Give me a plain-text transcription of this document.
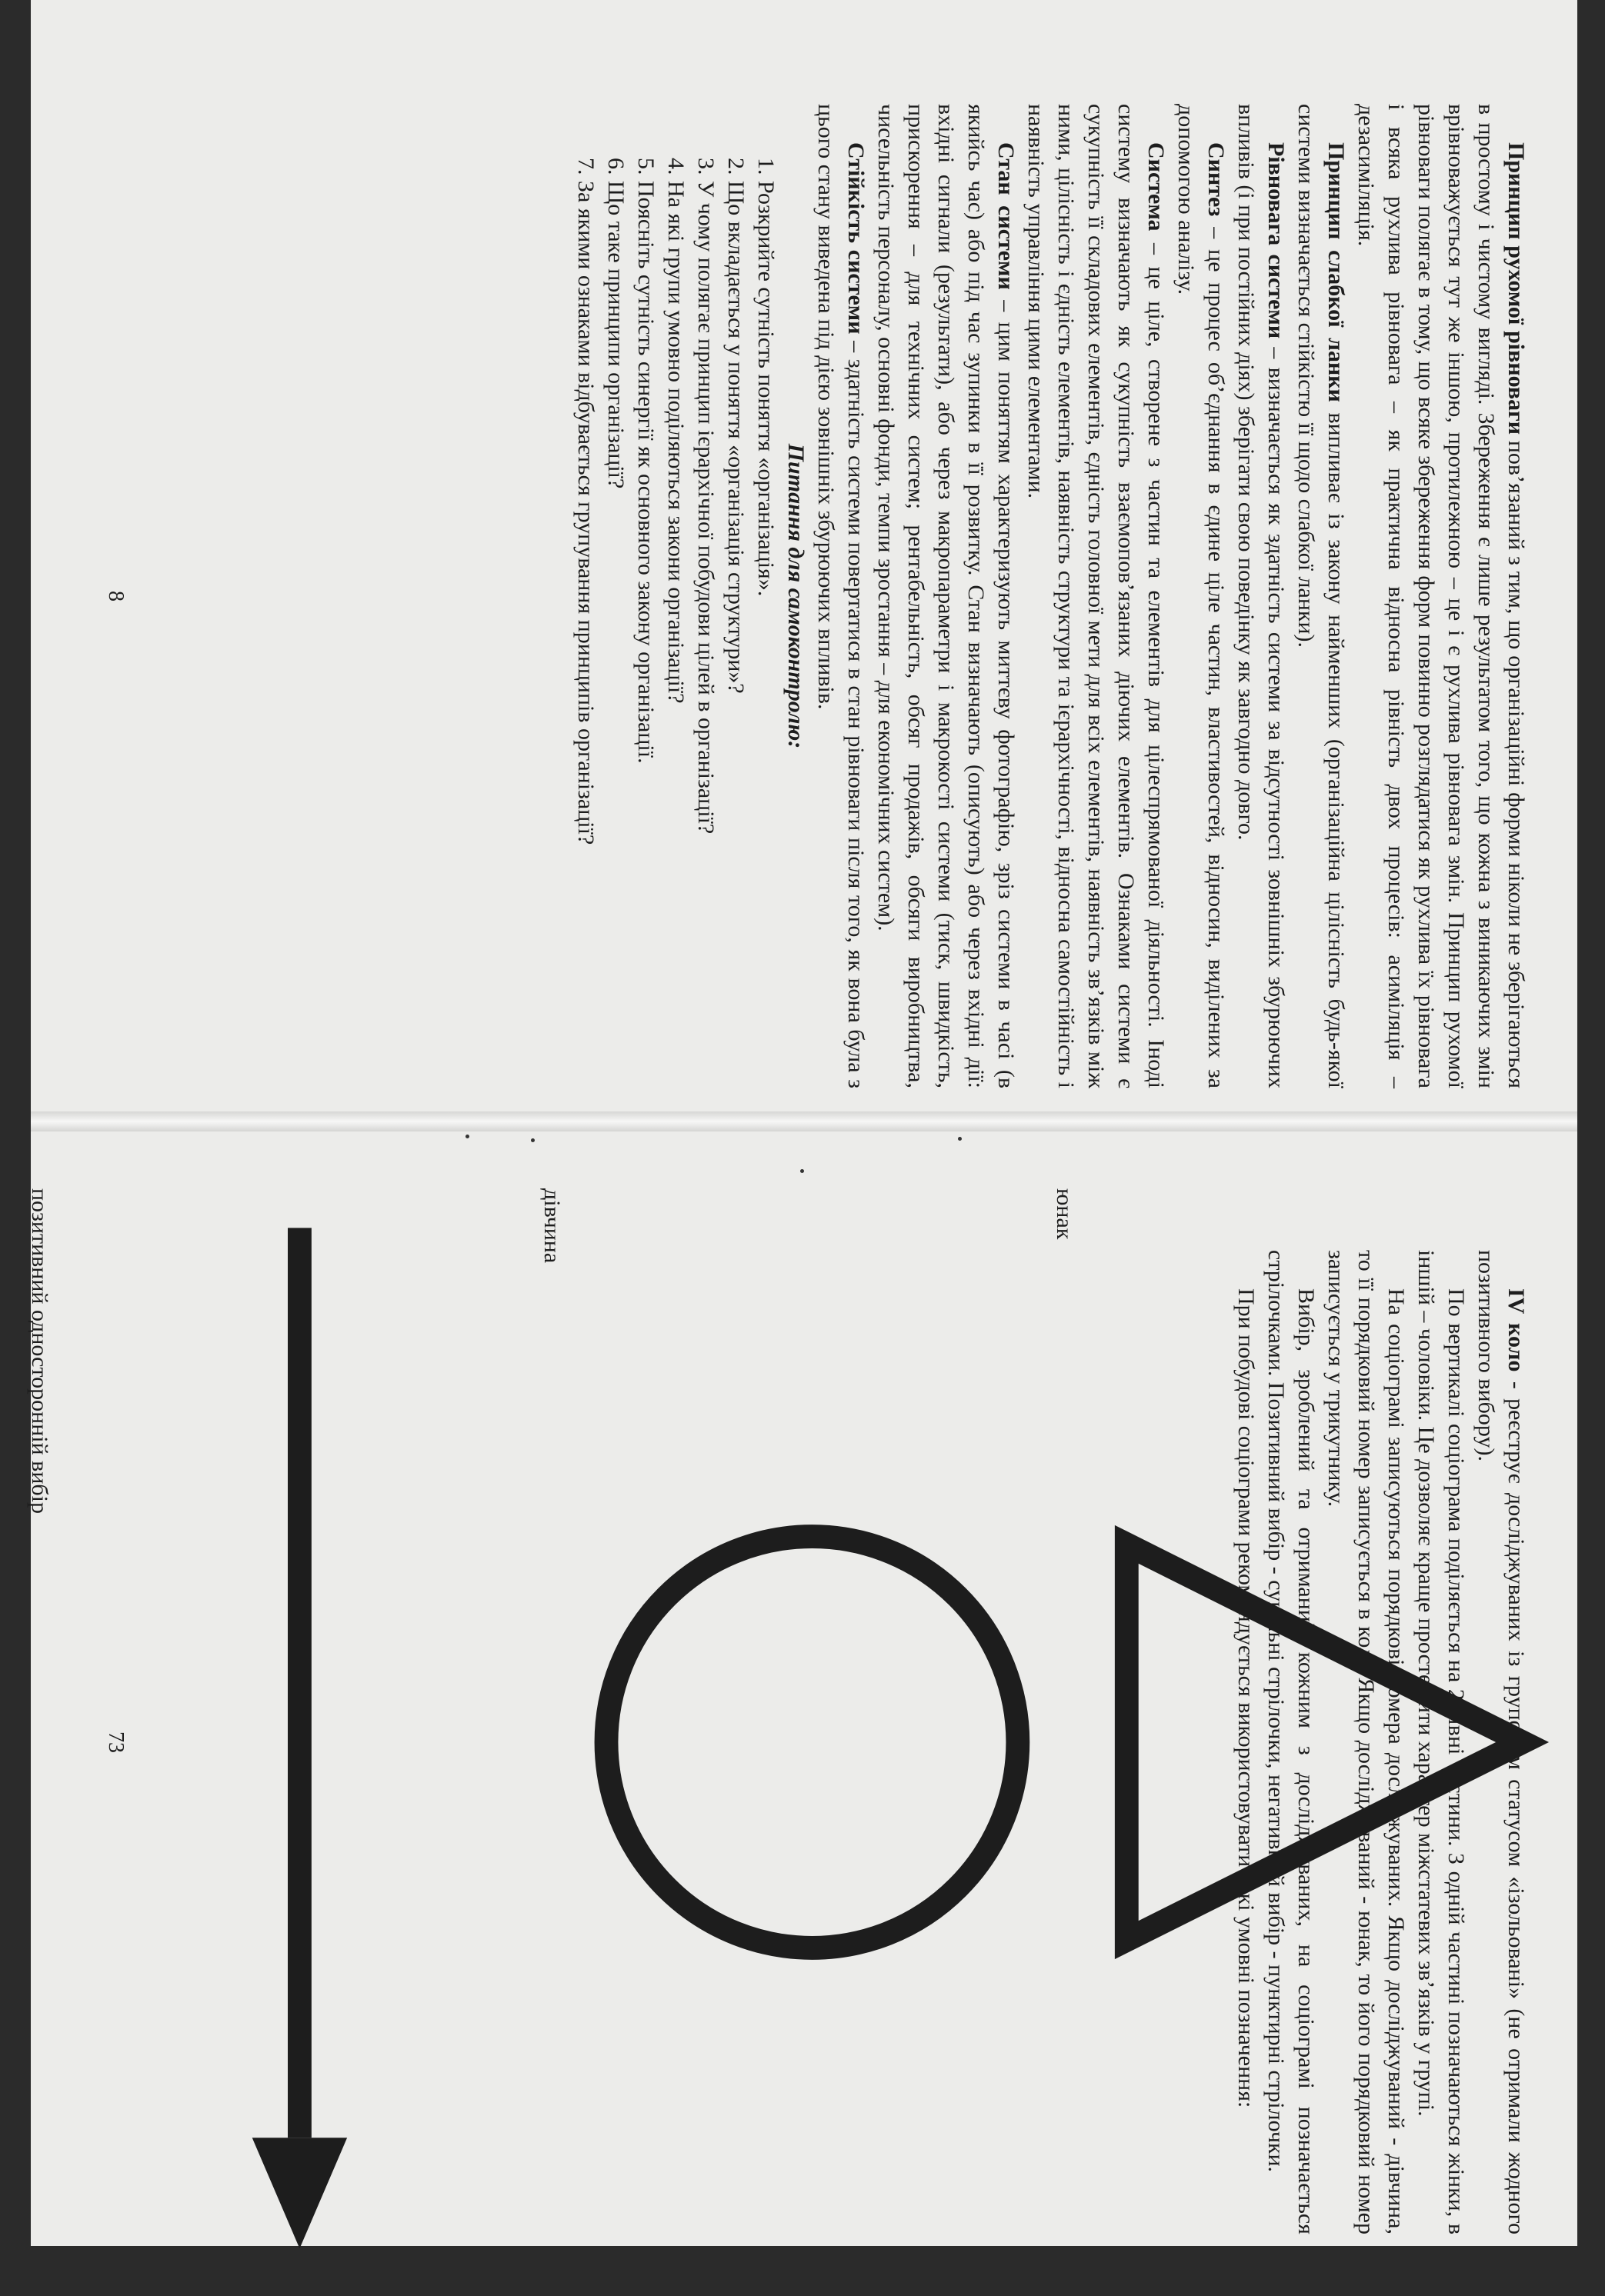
Принцип рухомої рівноваги пов’язаний з тим, що організаційні форми ніколи не зберігаються в простому і чистому вигляді. Збереження є лише результатом того, що кожна з виникаючих змін врівноважується тут же іншою, протилежною – це і є рухлива рівновага змін. Принцип рухомої рівноваги полягає в тому, що всяке збереження форм повинно розглядатися як рухлива їх рівновага і всяка рухлива рівновага – як практична відносна рівність двох процесів: асиміляція – дезасиміляція.

Принцип слабкої ланки випливає із закону найменших (організаційна цілісність будь-якої системи визначається стійкістю її щодо слабкої ланки).

Рівновага системи – визначається як здатність системи за відсутності зовнішніх збурюючих впливів (і при постійних діях) зберігати свою поведінку як завгодно довго.

Синтез – це процес об’єднання в єдине ціле частин, властивостей, відносин, виділених за допомогою аналізу.

Система – це ціле, створене з частин та елементів для цілеспрямованої діяльності. Іноді систему визначають як сукупність взаємопов’язаних діючих елементів. Ознаками системи є сукупність її складових елементів, єдність головної мети для всіх елементів, наявність зв’язків між ними, цілісність і єдність елементів, наявність структури та ієрархічності, відносна самостійність і наявність управління цими елементами.

Стан системи – цим поняттям характеризують миттєву фотографію, зріз системи в часі (в якийсь час) або під час зупинки в її розвитку. Стан визначають (описують) або через вхідні дії: вхідні сигнали (результати), або через макропараметри і макрокості системи (тиск, швидкість, прискорення – для технічних систем; рентабельність, обсяг продажів, обсяги виробництва, чисельність персоналу, основні фонди, темпи зростання – для економічних систем).

Стійкість системи – здатність системи повертатися в стан рівноваги після того, як вона була з цього стану виведена під дією зовнішніх збурюючих впливів.

Питання для самоконтролю:

1. Розкрийте сутність поняття «організація».
2. Що вкладається у поняття «організація структури»?
3. У чому полягає принцип ієрархічної побудови цілей в організації?
4. На які групи умовно поділяються закони організації?
5. Поясніть сутність синергії як основного закону організації.
6. Що таке принципи організації?
7. За якими ознаками відбувається групування принципів організації?
8

IV коло - реєструє досліджуваних із груповим статусом «ізольовані» (не отримали жодного позитивного вибору).

По вертикалі соціограма поділяється на 2 рівні частини. З одній частині позначаються жінки, в іншій – чоловіки. Це дозволяє краще простежити характер міжстатевих зв’язків у групі.

На соціограмі записуються порядкові номера досліджуваних. Якщо досліджуваний - дівчина, то її порядковий номер записується в колі. Якщо досліджуваний - юнак, то його порядковий номер записується у трикутнику.

Вибір, зроблений та отриманий кожним з досліджуваних, на соціограмі позначається стрілочками. Позитивний вибір - суцільні стрілочки, негативний вибір - пунктирні стрілочки.

При побудові соціограми рекомендується використовувати такі умовні позначення:

юнак
дівчина
позитивний односторонній вибір
73
